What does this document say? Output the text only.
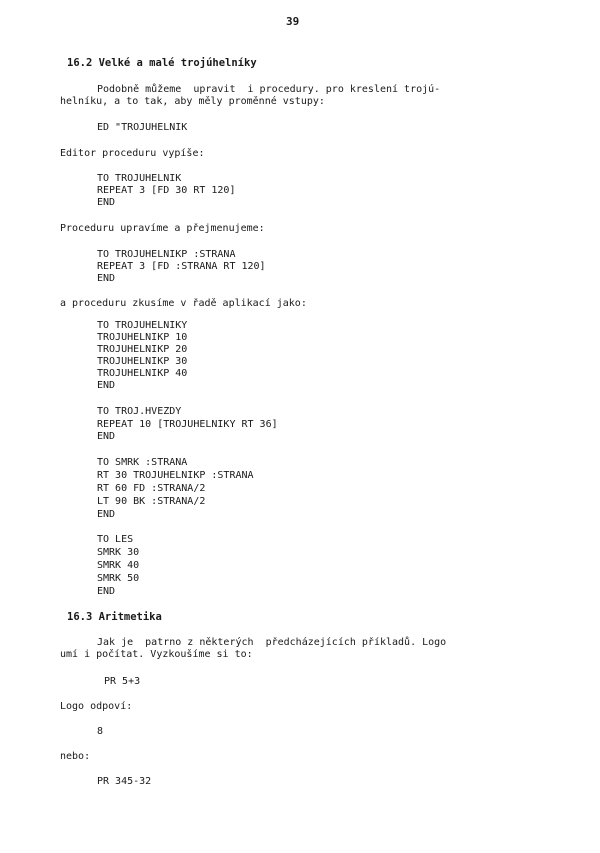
39
16.2 Velké a malé trojúhelníky
Podobně můžeme  upravit  i procedury. pro kreslení trojú-
helníku, a to tak, aby měly proměnné vstupy:
ED "TROJUHELNIK
Editor proceduru vypíše:
TO TROJUHELNIK
REPEAT 3 [FD 30 RT 120]
END
Proceduru upravíme a přejmenujeme:
TO TROJUHELNIKP :STRANA
REPEAT 3 [FD :STRANA RT 120]
END
a proceduru zkusíme v řadě aplikací jako:
TO TROJUHELNIKY
TROJUHELNIKP 10
TROJUHELNIKP 20
TROJUHELNIKP 30
TROJUHELNIKP 40
END
TO TROJ.HVEZDY
REPEAT 10 [TROJUHELNIKY RT 36]
END
TO SMRK :STRANA
RT 30 TROJUHELNIKP :STRANA
RT 60 FD :STRANA/2
LT 90 BK :STRANA/2
END
TO LES
SMRK 30
SMRK 40
SMRK 50
END
16.3 Aritmetika
Jak je  patrno z některých  předcházejících příkladů. Logo
umí i počítat. Vyzkoušíme si to:
PR 5+3
Logo odpoví:
8
nebo:
PR 345-32
